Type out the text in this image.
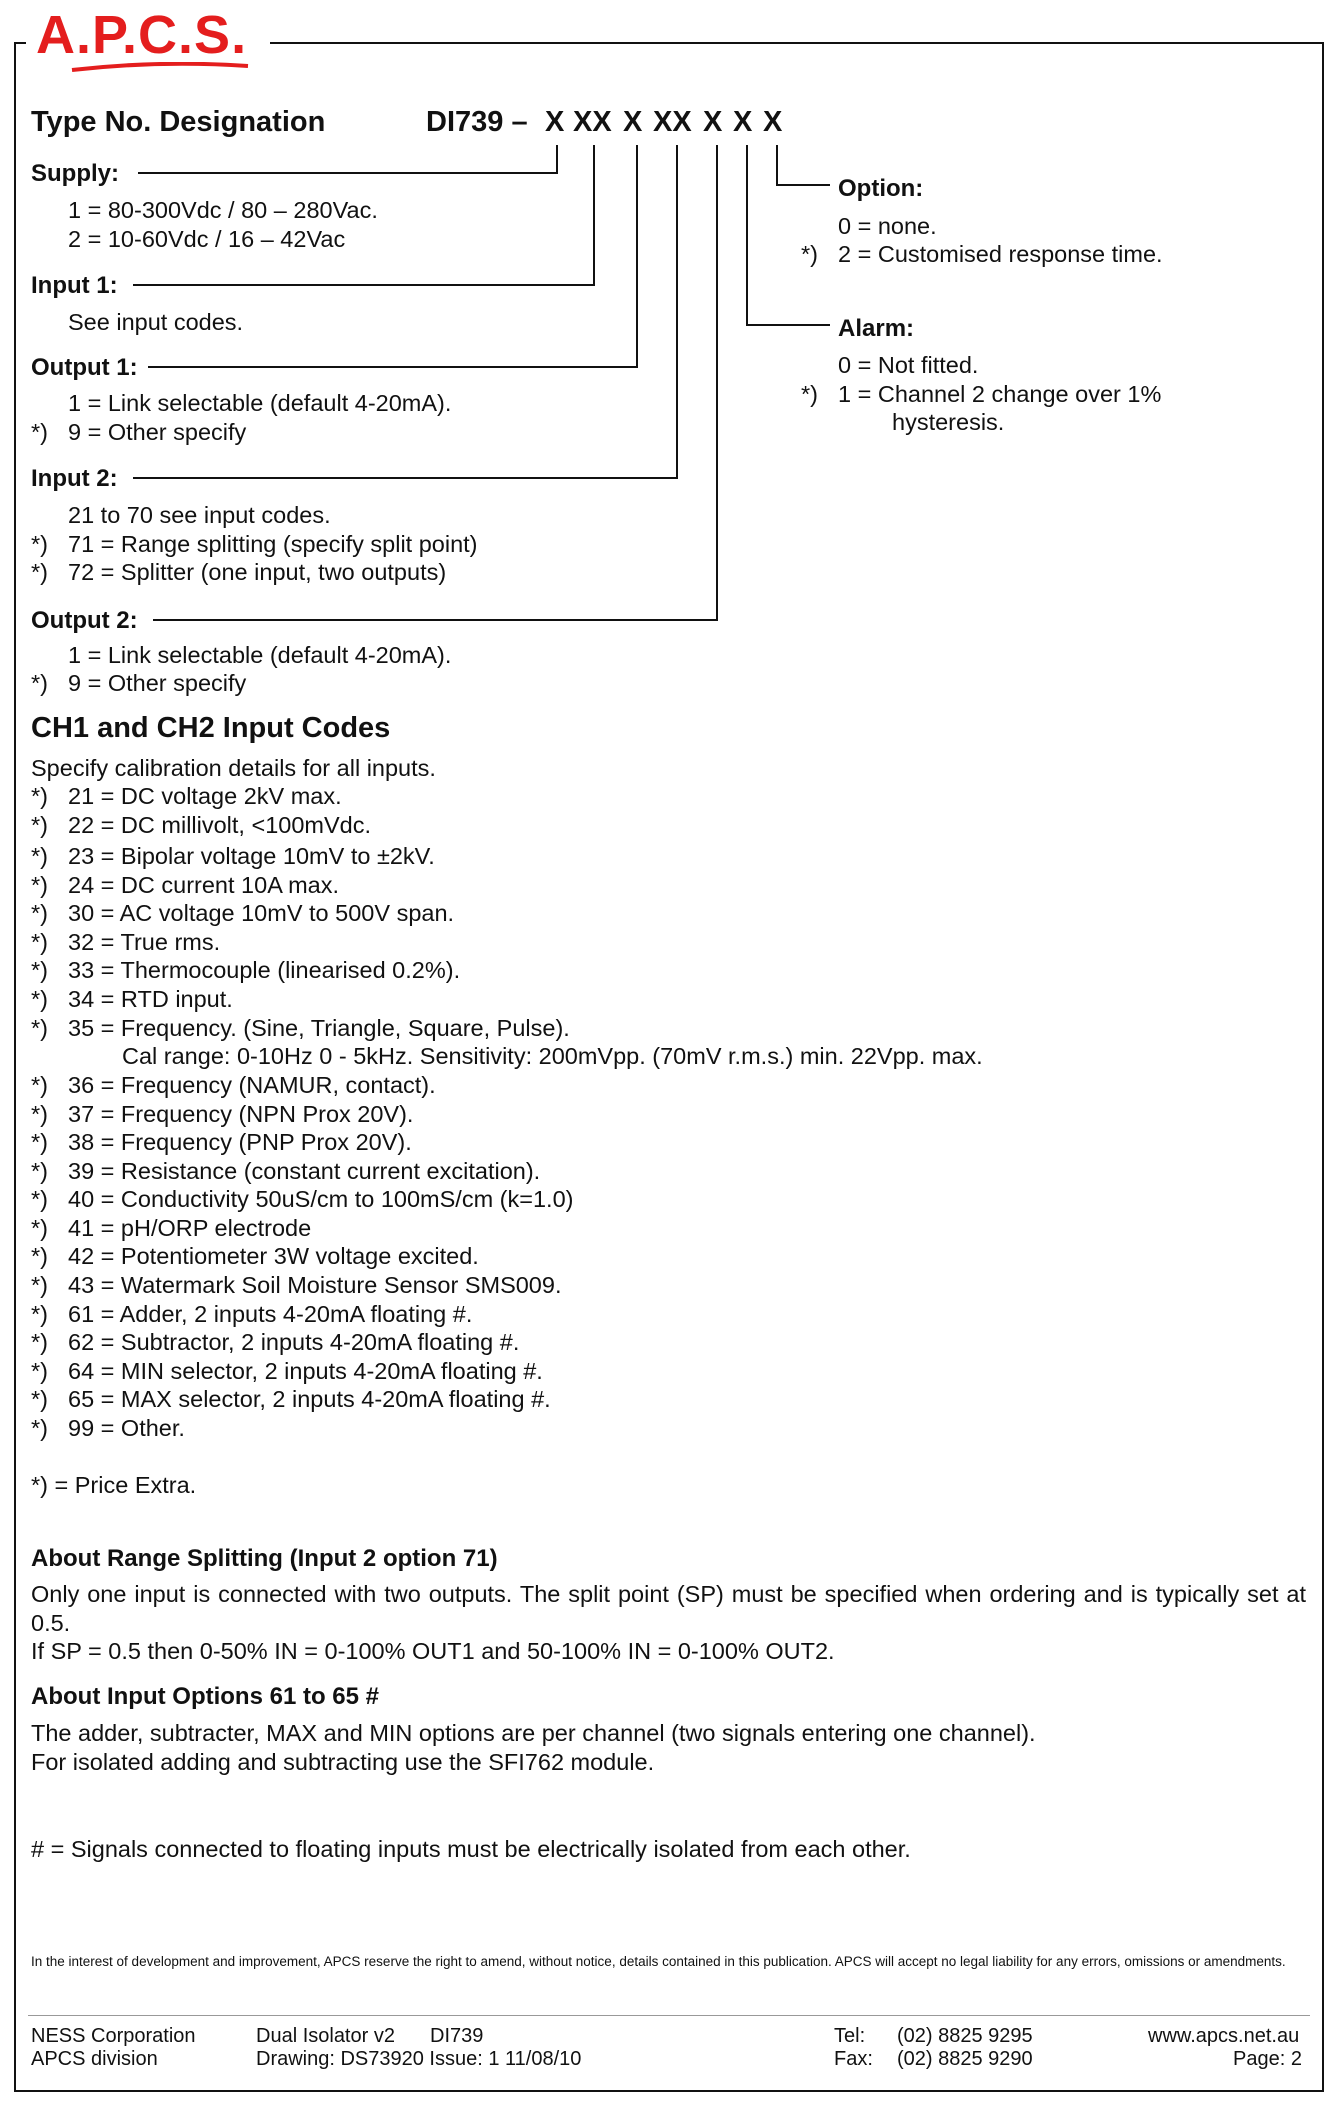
A.P.C.S.
Type No. Designation	DI739 – X XX X XX X X X
Supply:
1 = 80-300Vdc / 80 – 280Vac.
2 = 10-60Vdc / 16 – 42Vac
Input 1:
See input codes.
Output 1:
1 = Link selectable (default 4-20mA).
*) 9 = Other specify
Input 2:
21 to 70 see input codes.
*) 71 = Range splitting (specify split point)
*) 72 = Splitter (one input, two outputs)
Output 2:
1 = Link selectable (default 4-20mA).
*) 9 = Other specify
Option:
0 = none.
*) 2 = Customised response time.
Alarm:
0 = Not fitted.
*) 1 = Channel 2 change over 1%
hysteresis.
CH1 and CH2 Input Codes
Specify calibration details for all inputs.
*) 21 = DC voltage 2kV max.
*) 22 = DC millivolt, <100mVdc.
*) 23 = Bipolar voltage 10mV to ±2kV.
*) 24 = DC current 10A max.
*) 30 = AC voltage 10mV to 500V span.
*) 32 = True rms.
*) 33 = Thermocouple (linearised 0.2%).
*) 34 = RTD input.
*) 35 = Frequency. (Sine, Triangle, Square, Pulse).
*) 36 = Frequency (NAMUR, contact).
*) 37 = Frequency (NPN Prox 20V).
*) 38 = Frequency (PNP Prox 20V).
*) 39 = Resistance (constant current excitation).
*) 40 = Conductivity 50uS/cm to 100mS/cm (k=1.0)
*) 41 = pH/ORP electrode
*) 42 = Potentiometer 3W voltage excited.
*) 43 = Watermark Soil Moisture Sensor SMS009.
*) 61 = Adder, 2 inputs 4-20mA floating #.
*) 62 = Subtractor, 2 inputs 4-20mA floating #.
*) 64 = MIN selector, 2 inputs 4-20mA floating #.
*) 65 = MAX selector, 2 inputs 4-20mA floating #.
*) 99 = Other.
Cal range: 0-10Hz 0 - 5kHz. Sensitivity: 200mVpp. (70mV r.m.s.) min. 22Vpp. max.
*) = Price Extra.
About Range Splitting (Input 2 option 71)
Only one input is connected with two outputs. The split point (SP) must be specified when ordering and is typically set at 0.5.
If SP = 0.5 then 0-50% IN = 0-100% OUT1 and 50-100% IN = 0-100% OUT2.
About Input Options 61 to 65 #
The adder, subtracter, MAX and MIN options are per channel (two signals entering one channel).
For isolated adding and subtracting use the SFI762 module.
# = Signals connected to floating inputs must be electrically isolated from each other.
In the interest of development and improvement, APCS reserve the right to amend, without notice, details contained in this publication. APCS will accept no legal liability for any errors, omissions or amendments.
NESS Corporation
APCS division
Dual Isolator v2 DI739
Drawing: DS73920 Issue: 1 11/08/10
Tel: (02) 8825 9295
Fax: (02) 8825 9290
www.apcs.net.au
Page: 2
